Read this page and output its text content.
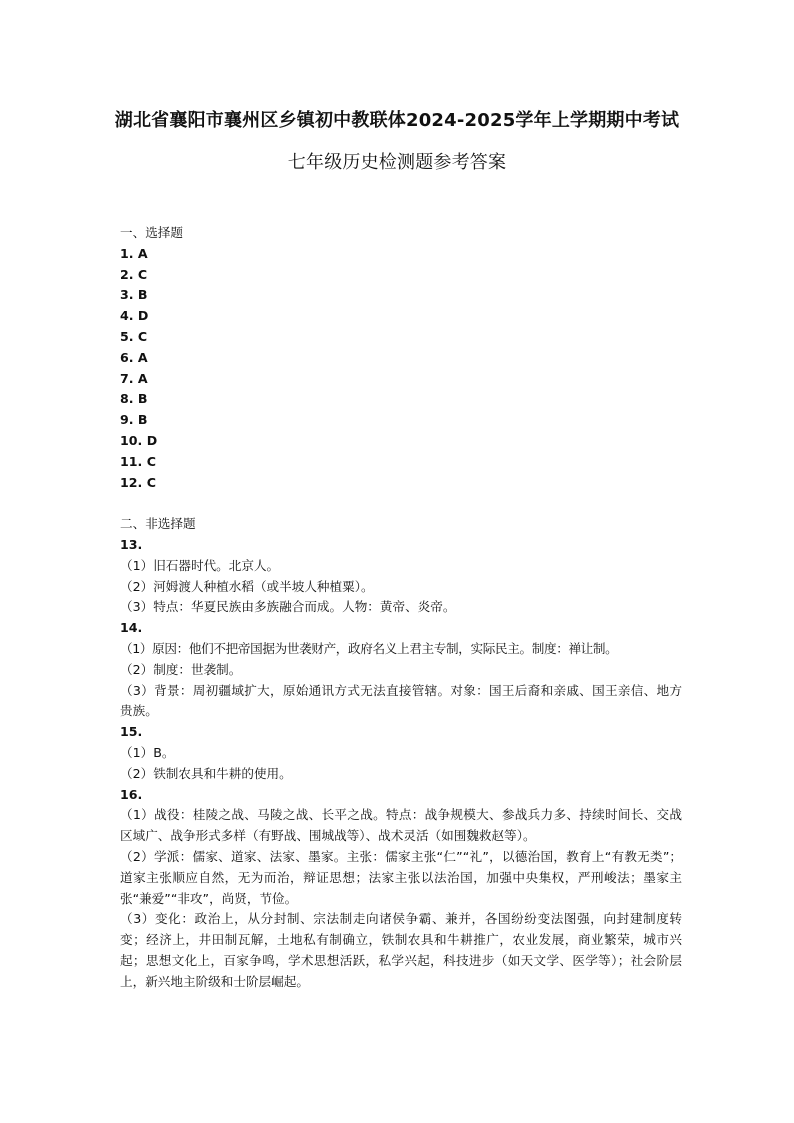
湖北省襄阳市襄州区乡镇初中教联体2024-2025学年上学期期中考试
七年级历史检测题参考答案
一、选择题
1. A
2. C
3. B
4. D
5. C
6. A
7. A
8. B
9. B
10. D
11. C
12. C
二、非选择题
13.
（1）旧石器时代。北京人。
（2）河姆渡人种植水稻（或半坡人种植粟）。
（3）特点：华夏民族由多族融合而成。人物：黄帝、炎帝。
14.
（1）原因：他们不把帝国据为世袭财产，政府名义上君主专制，实际民主。制度：禅让制。
（2）制度：世袭制。
（3）背景：周初疆域扩大，原始通讯方式无法直接管辖。对象：国王后裔和亲戚、国王亲信、地方贵族。
15.
（1）B。
（2）铁制农具和牛耕的使用。
16.
（1）战役：桂陵之战、马陵之战、长平之战。特点：战争规模大、参战兵力多、持续时间长、交战区域广、战争形式多样（有野战、围城战等）、战术灵活（如围魏救赵等）。
（2）学派：儒家、道家、法家、墨家。主张：儒家主张“仁”“礼”，以德治国，教育上“有教无类”；道家主张顺应自然，无为而治，辩证思想；法家主张以法治国，加强中央集权，严刑峻法；墨家主张“兼爱”“非攻”，尚贤，节俭。
（3）变化：政治上，从分封制、宗法制走向诸侯争霸、兼并，各国纷纷变法图强，向封建制度转变；经济上，井田制瓦解，土地私有制确立，铁制农具和牛耕推广，农业发展，商业繁荣，城市兴起；思想文化上，百家争鸣，学术思想活跃，私学兴起，科技进步（如天文学、医学等）；社会阶层上，新兴地主阶级和士阶层崛起。
